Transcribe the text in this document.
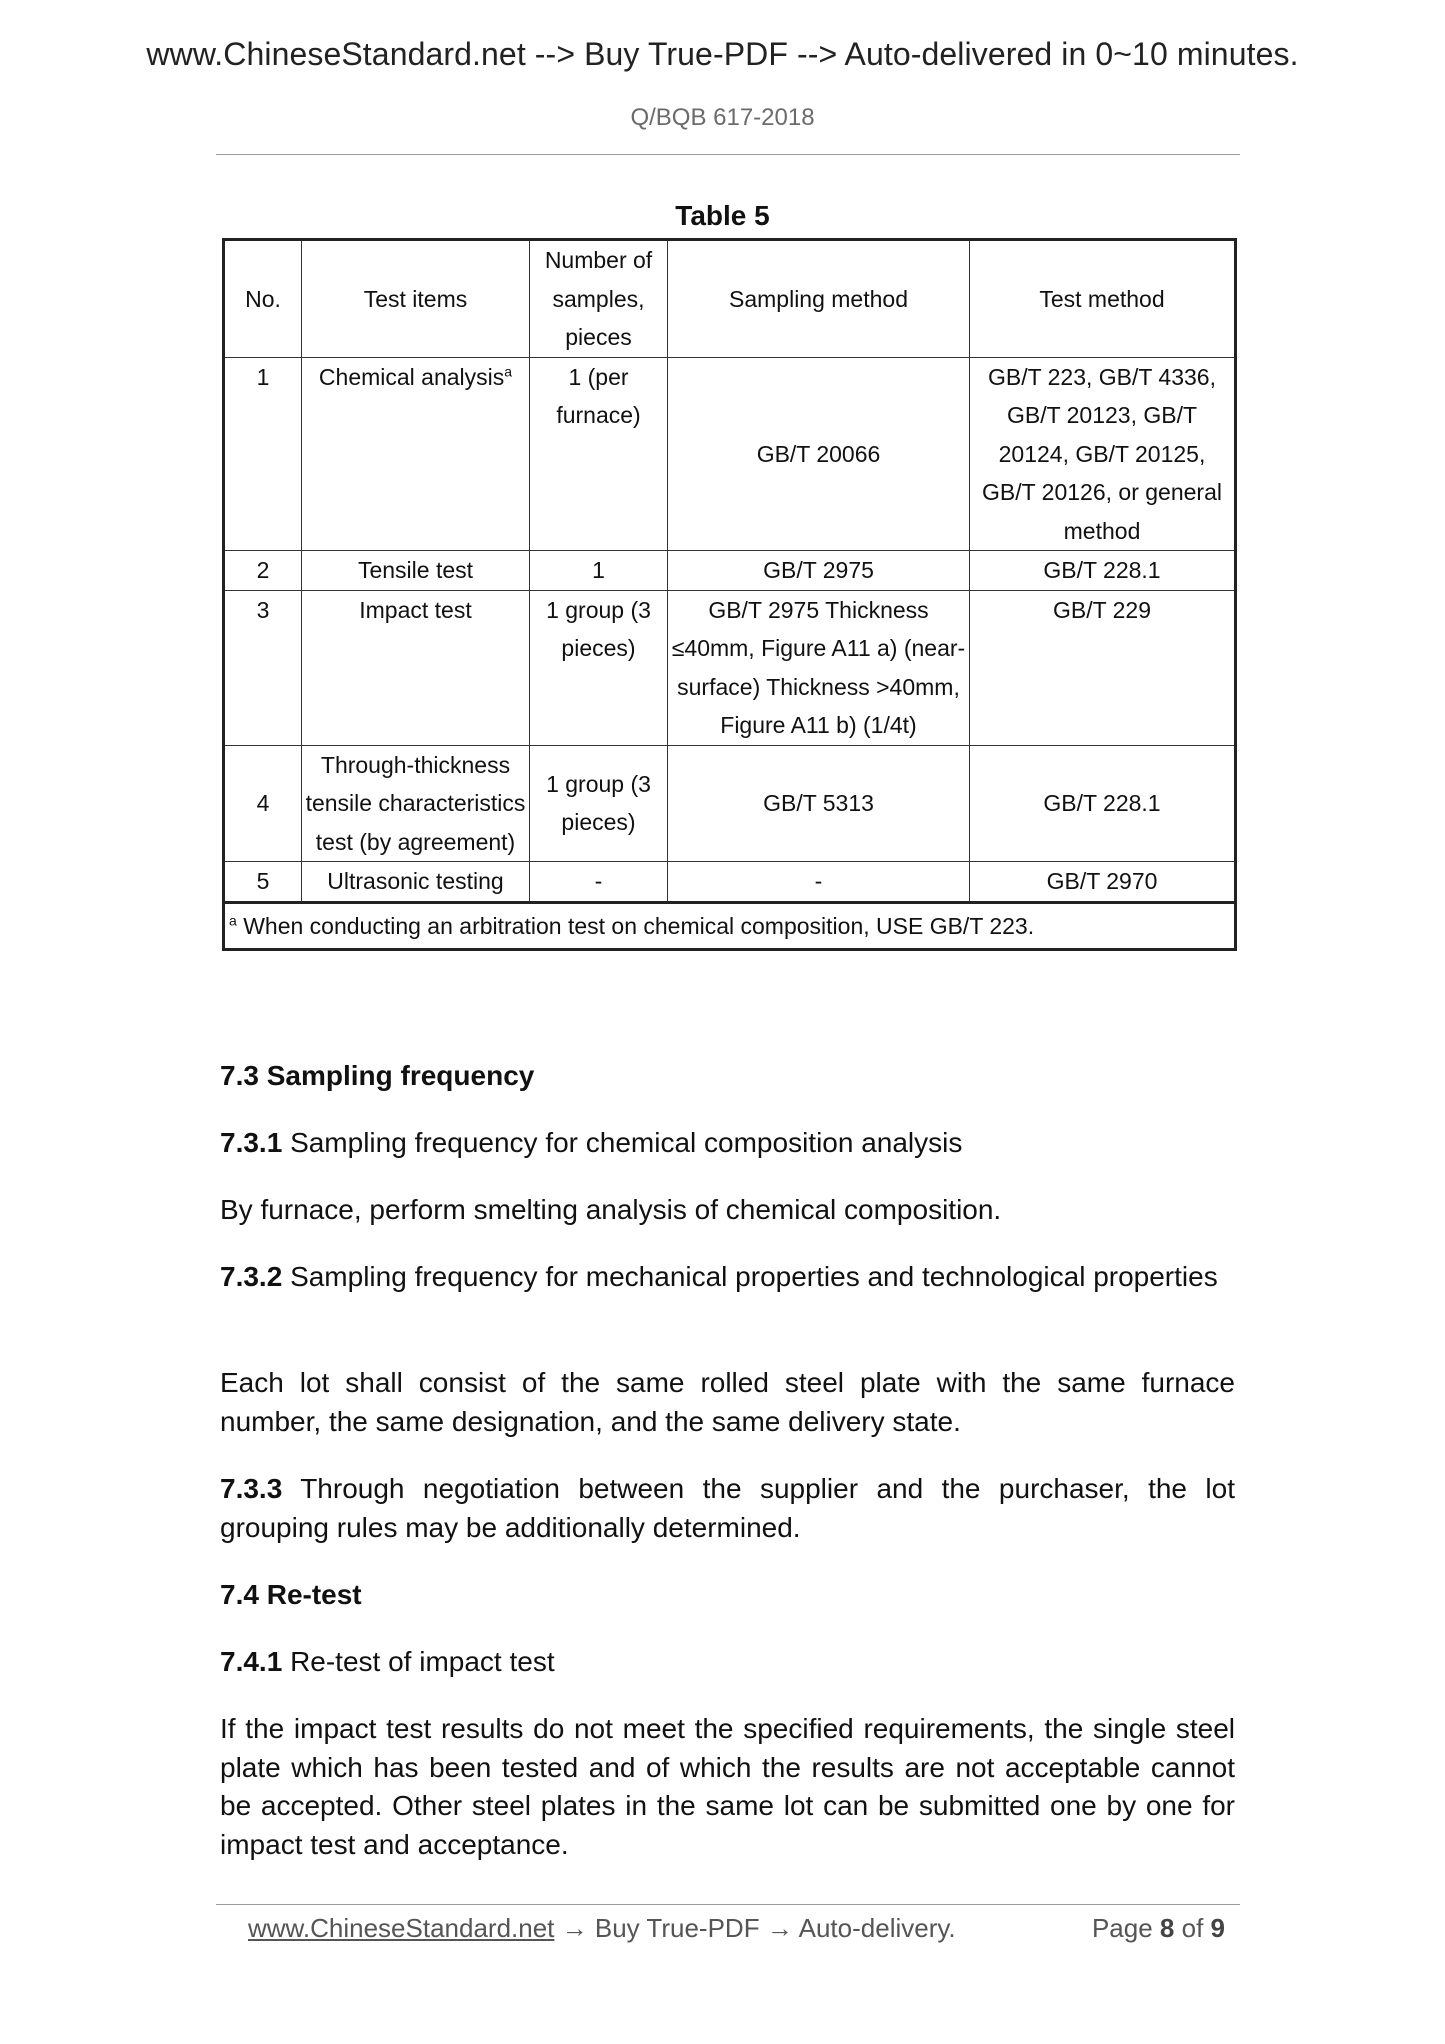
www.ChineseStandard.net --> Buy True-PDF --> Auto-delivered in 0~10 minutes.
Q/BQB 617-2018
Table 5
No.	Test items	Number of samples, pieces	Sampling method	Test method
1	Chemical analysis$^a$	1 (per furnace)	GB/T 20066	GB/T 223, GB/T 4336, GB/T 20123, GB/T 20124, GB/T 20125, GB/T 20126, or general method
2	Tensile test	1	GB/T 2975	GB/T 228.1
3	Impact test	1 group (3 pieces)	GB/T 2975 Thickness ≤40mm, Figure A11 a) (near-surface) Thickness >40mm, Figure A11 b) (1/4t)	GB/T 229
4	Through-thickness tensile characteristics test (by agreement)	1 group (3 pieces)	GB/T 5313	GB/T 228.1
5	Ultrasonic testing	-	-	GB/T 2970
$^a$ When conducting an arbitration test on chemical composition, USE GB/T 223.				

7.3 Sampling frequency

7.3.1 Sampling frequency for chemical composition analysis

By furnace, perform smelting analysis of chemical composition.

7.3.2 Sampling frequency for mechanical properties and technological properties

Each lot shall consist of the same rolled steel plate with the same furnace number, the same designation, and the same delivery state.

7.3.3 Through negotiation between the supplier and the purchaser, the lot grouping rules may be additionally determined.

7.4 Re-test

7.4.1 Re-test of impact test

If the impact test results do not meet the specified requirements, the single steel plate which has been tested and of which the results are not acceptable cannot be accepted. Other steel plates in the same lot can be submitted one by one for impact test and acceptance.

www.ChineseStandard.net → Buy True-PDF → Auto-delivery.	Page 8 of 9
